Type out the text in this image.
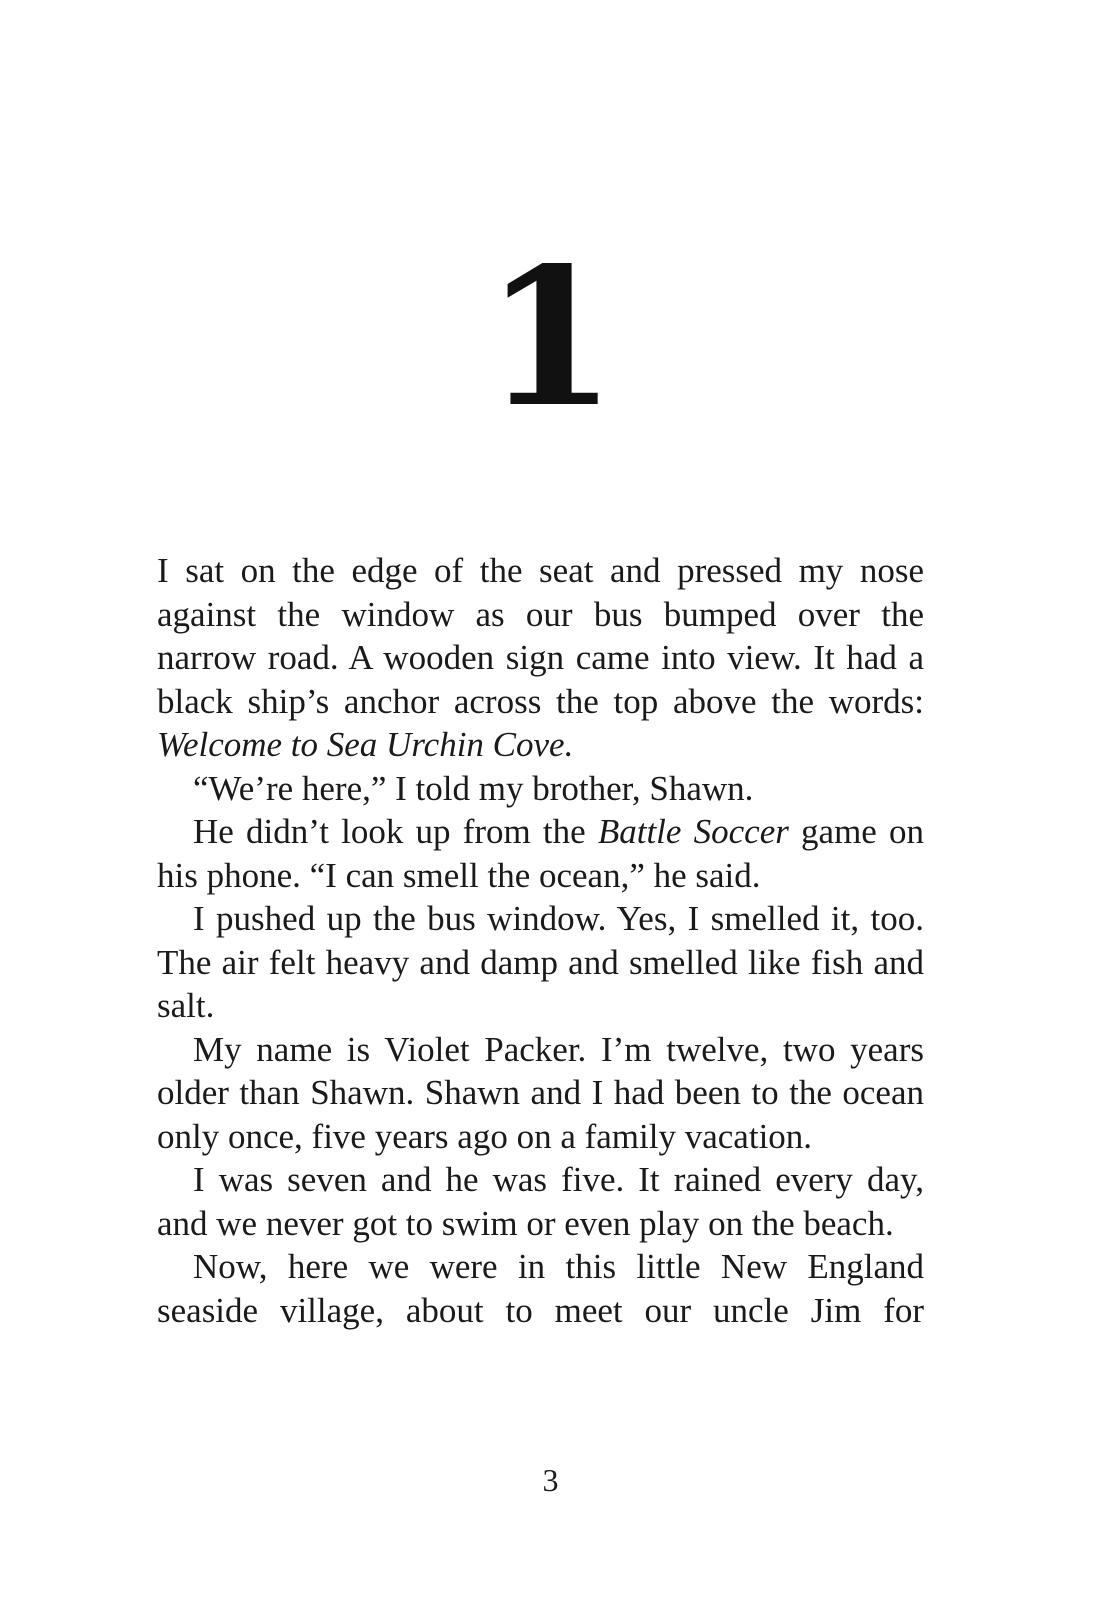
1

I sat on the edge of the seat and pressed my nose against the window as our bus bumped over the narrow road. A wooden sign came into view. It had a black ship’s anchor across the top above the words: Welcome to Sea Urchin Cove.

“We’re here,” I told my brother, Shawn.

He didn’t look up from the Battle Soccer game on his phone. “I can smell the ocean,” he said.

I pushed up the bus window. Yes, I smelled it, too. The air felt heavy and damp and smelled like fish and salt.

My name is Violet Packer. I’m twelve, two years older than Shawn. Shawn and I had been to the ocean only once, five years ago on a family vacation.

I was seven and he was five. It rained every day, and we never got to swim or even play on the beach.

Now, here we were in this little New England seaside village, about to meet our uncle Jim for

3
